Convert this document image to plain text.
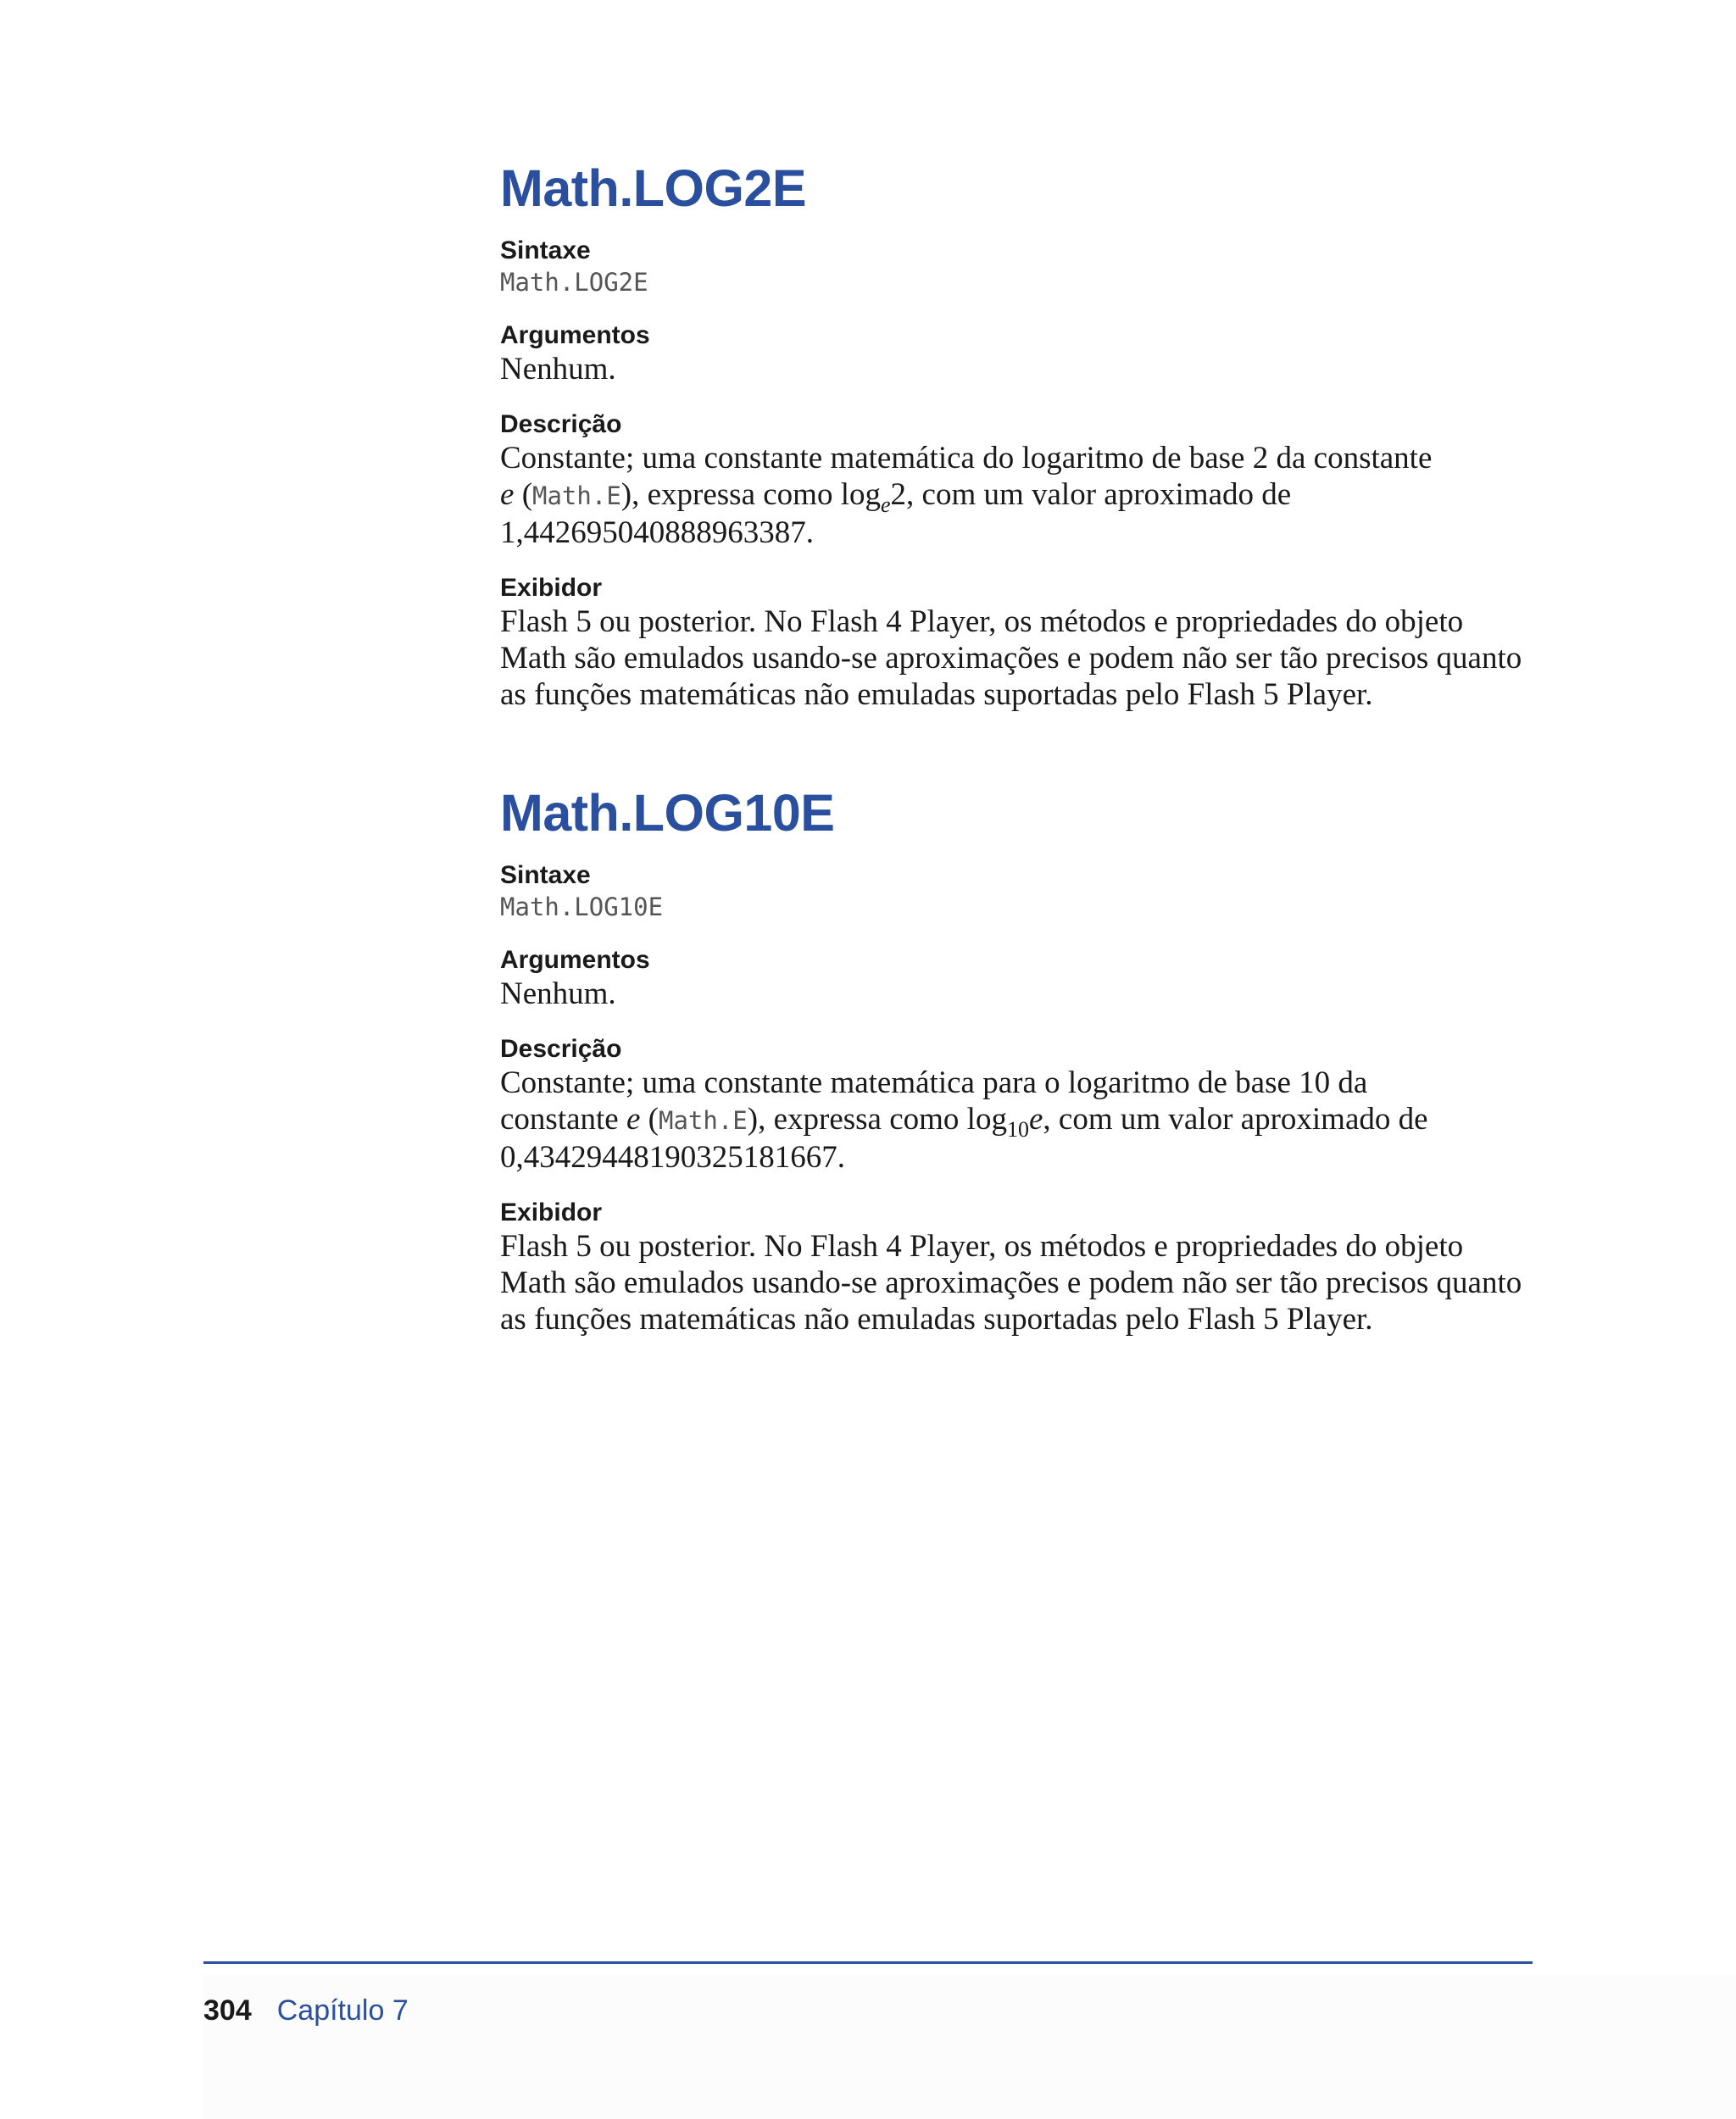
Math.LOG2E
Sintaxe

Math.LOG2E

Argumentos

Nenhum.

Descrição

Constante; uma constante matemática do logaritmo de base 2 da constante
e (Math.E), expressa como $\log_e2$, com um valor aproximado de
1,442695040888963387.

Exibidor

Flash 5 ou posterior. No Flash 4 Player, os métodos e propriedades do objeto
Math são emulados usando-se aproximações e podem não ser tão precisos quanto
as funções matemáticas não emuladas suportadas pelo Flash 5 Player.

Math.LOG10E
Sintaxe

Math.LOG10E

Argumentos

Nenhum.

Descrição

Constante; uma constante matemática para o logaritmo de base 10 da
constante e (Math.E), expressa como $\log_{10}e$, com um valor aproximado de
0,43429448190325181667.

Exibidor

Flash 5 ou posterior. No Flash 4 Player, os métodos e propriedades do objeto
Math são emulados usando-se aproximações e podem não ser tão precisos quanto
as funções matemáticas não emuladas suportadas pelo Flash 5 Player.

304 Capítulo 7
